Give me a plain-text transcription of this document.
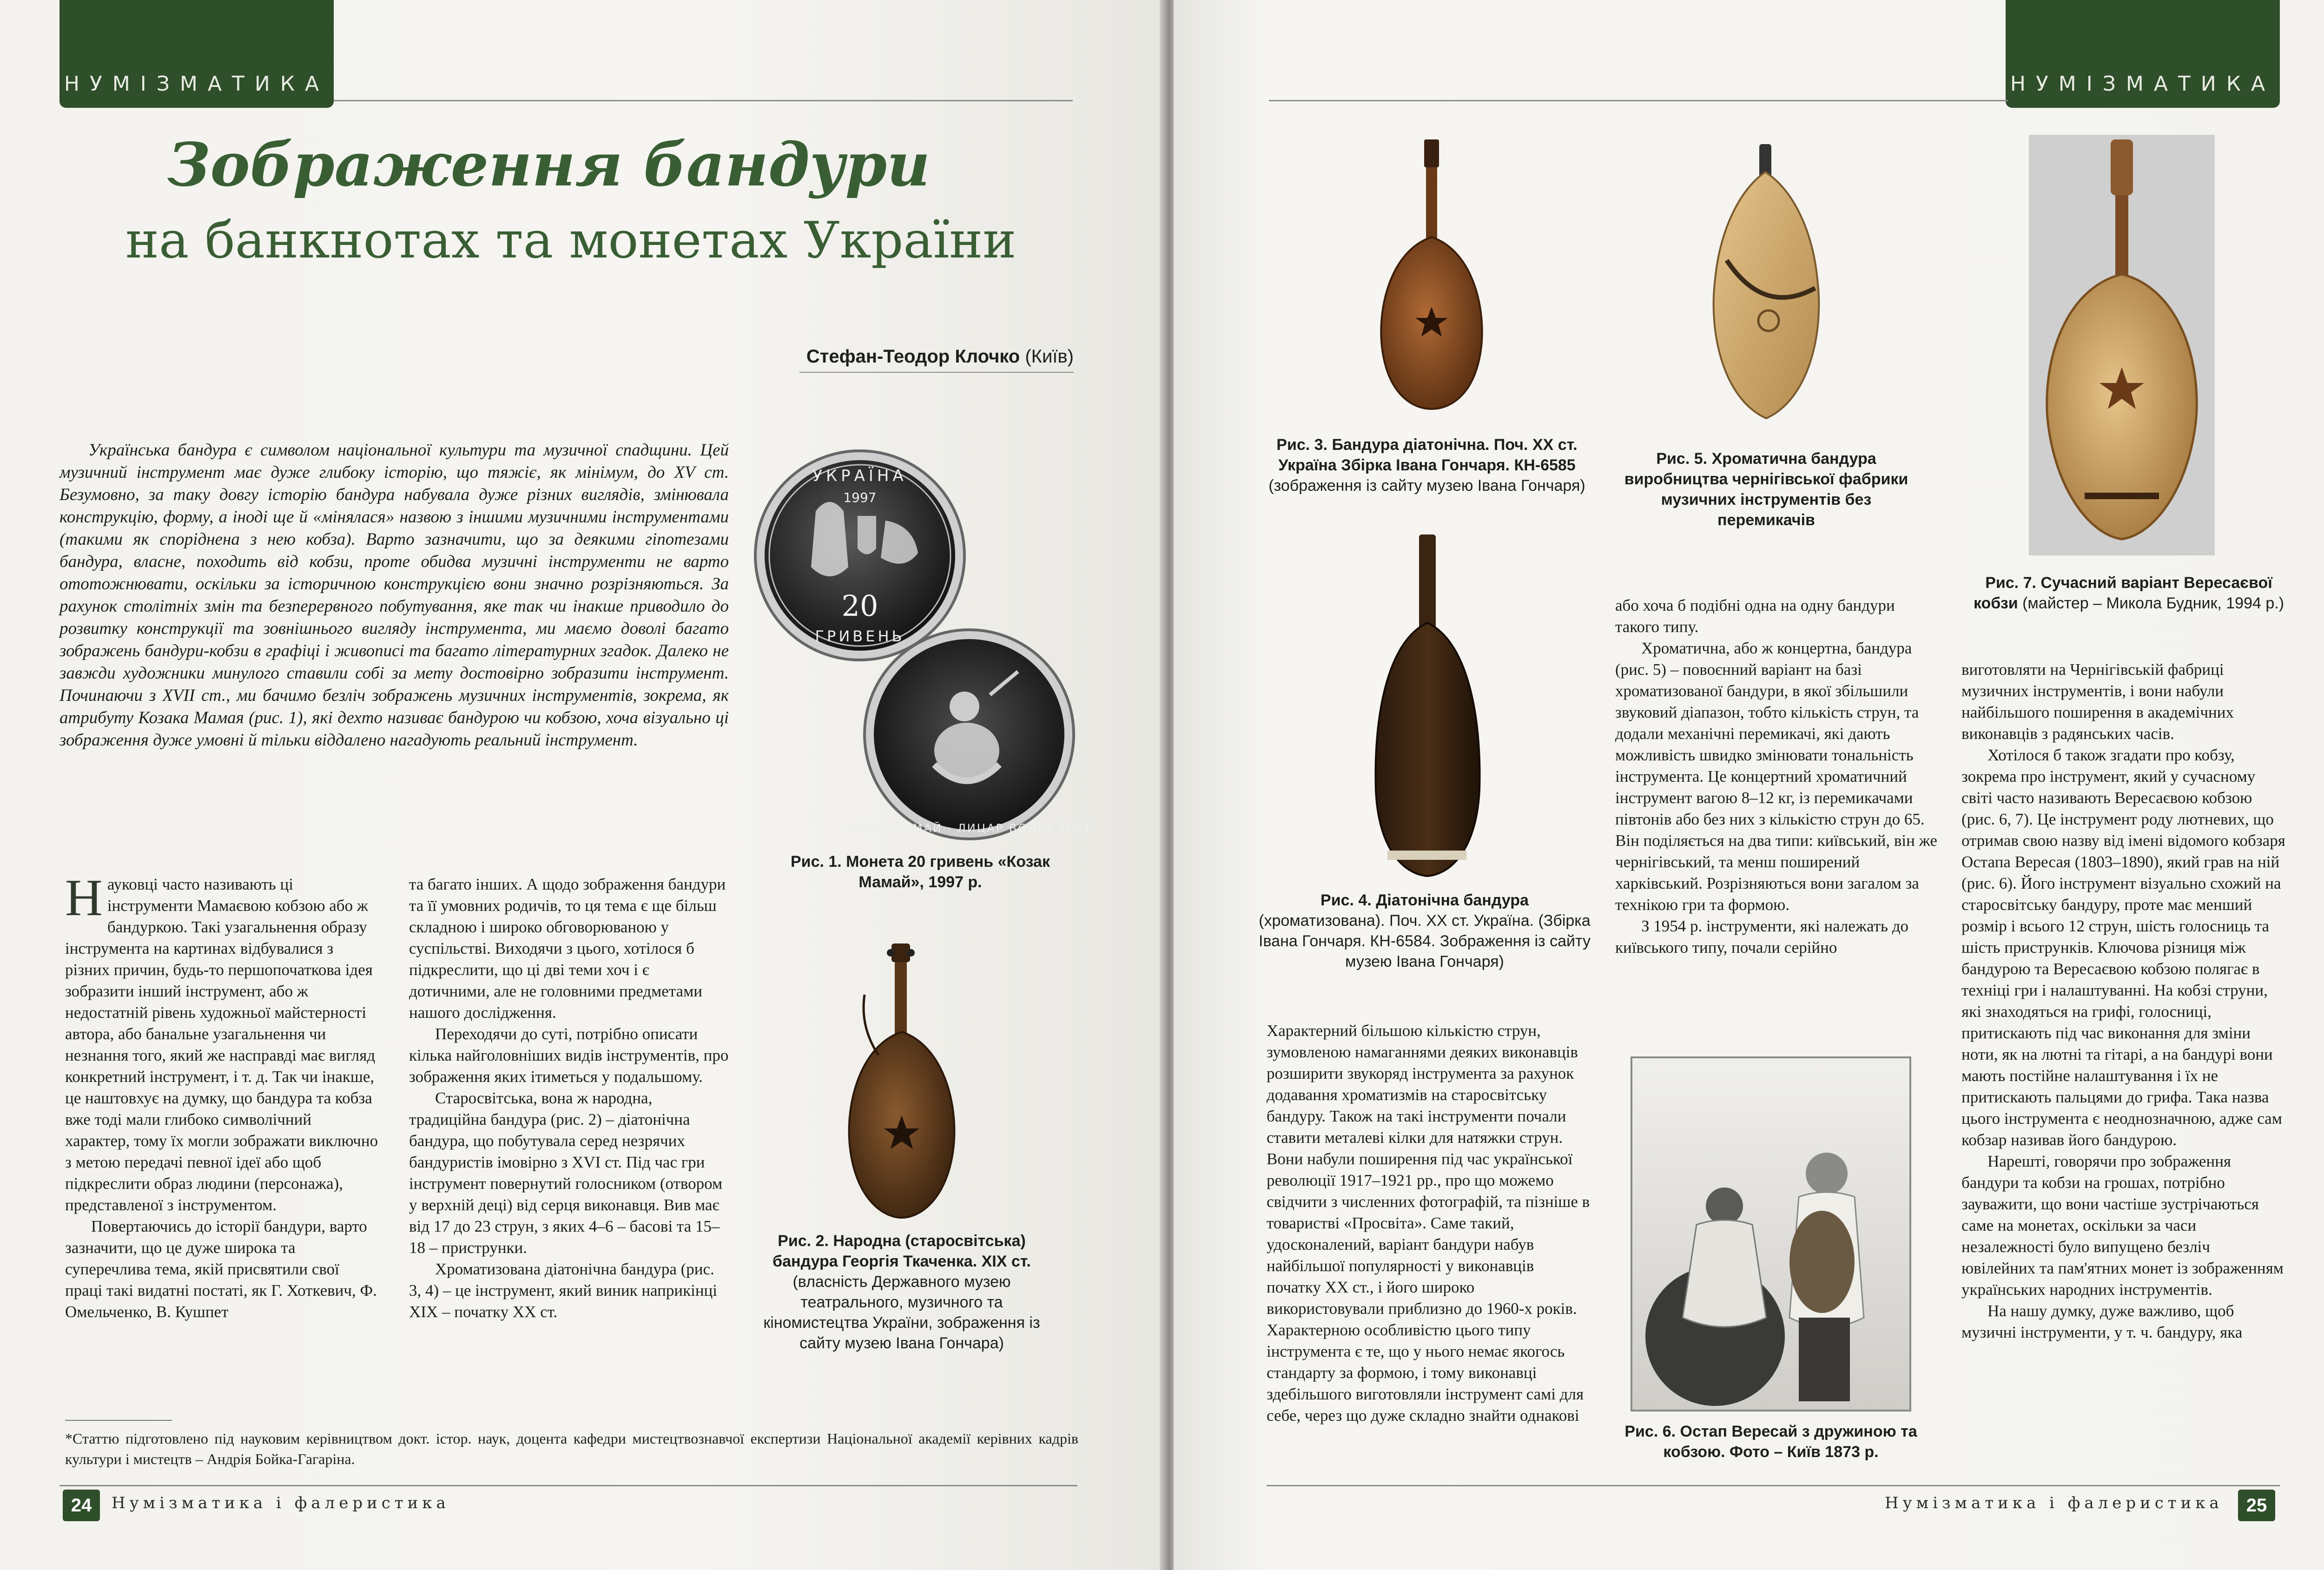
НУМІЗМАТИКА
Зображення бандури
на банкнотах та монетах України
Стефан-Теодор Клочко (Київ)
Українська бандура є символом національної культури та музичної спадщини. Цей музичний інструмент має дуже глибоку історію, що тяжіє, як мінімум, до XV ст. Безумовно, за таку довгу історію бандура набувала дуже різних виглядів, змінювала конструкцію, форму, а іноді ще й «мінялася» назвою з іншими музичними інструментами (такими як споріднена з нею кобза). Варто зазначити, що за деякими гіпотезами бандура, власне, походить від кобзи, проте обидва музичні інструменти не варто ототожнювати, оскільки за історичною конструкцією вони значно розрізняються. За рахунок столітніх змін та безперервного побутування, яке так чи інакше приводило до розвитку конструкції та зовнішнього вигляду інструмента, ми маємо доволі багато зображень бандури-кобзи в графіці і живописі та багато літературних згадок. Далеко не завжди художники минулого ставили собі за мету достовірно зобразити інструмент. Починаючи з XVII ст., ми бачимо безліч зображень музичних інструментів, зокрема, як атрибуту Козака Мамая (рис. 1), які дехто називає бандурою чи кобзою, хоча візуально ці зображення дуже умовні й тільки віддалено нагадують реальний інструмент.
УКРАЇНА
1997
20
ГРИВЕНЬ
КОЗАК МАМАЙ · ЛИЦАР ВОЛІ І ЧЕСТІ
Рис. 1. Монета 20 гривень «Козак Мамай», 1997 р.
Рис. 2. Народна (старосвітська) бандура Георгія Ткаченка. XIX ст.
(власність Державного музею театрального, музичного та кіномистецтва України, зображення із сайту музею Івана Гончара)

Науковці часто називають ці інструменти Мамаєвою кобзою або ж бандуркою. Такі узагальнення образу інструмента на картинах відбувалися з різних причин, будь-то першопочаткова ідея зобразити інший інструмент, або ж недостатній рівень художньої майстерності автора, або банальне узагальнення чи незнання того, який же насправді має вигляд конкретний інструмент, і т. д. Так чи інакше, це наштовхує на думку, що бандура та кобза вже тоді мали глибоко символічний характер, тому їх могли зображати виключно з метою передачі певної ідеї або щоб підкреслити образ людини (персонажа), представленої з інструментом.

Повертаючись до історії бандури, варто зазначити, що це дуже широка та суперечлива тема, якій присвятили свої праці такі видатні постаті, як Г. Хоткевич, Ф. Омельченко, В. Кушпет

та багато інших. А щодо зображення бандури та її умовних родичів, то ця тема є ще більш складною і широко обговорюваною у суспільстві. Виходячи з цього, хотілося б підкреслити, що ці дві теми хоч і є дотичними, але не головними предметами нашого дослідження.

Переходячи до суті, потрібно описати кілька найголовніших видів інструментів, про зображення яких ітиметься у подальшому.

Старосвітська, вона ж народна, традиційна бандура (рис. 2) – діатонічна бандура, що побутувала серед незрячих бандуристів імовірно з XVI ст. Під час гри інструмент повернутий голосником (отвором у верхній деці) від серця виконавця. Вив має від 17 до 23 струн, з яких 4–6 – басові та 15–18 – приструнки.

Хроматизована діатонічна бандура (рис. 3, 4) – це інструмент, який виник наприкінці XIX – початку XX ст.

*Статтю підготовлено під науковим керівництвом докт. істор. наук, доцента кафедри мистецтвознавчої експертизи Національної академії керівних кадрів культури і мистецтв – Андрія Бойка-Гагаріна.
24	Нумізматика і фалеристика
НУМІЗМАТИКА
Рис. 3. Бандура діатонічна. Поч. XX ст. Україна Збірка Івана Гончаря. КН-6585
(зображення із сайту музею Івана Гончаря)
Рис. 5. Хроматична бандура виробництва чернігівської фабрики музичних інструментів без перемикачів
Рис. 7. Сучасний варіант Вересаєвої кобзи (майстер – Микола Будник, 1994 р.)
Рис. 4. Діатонічна бандура
(хроматизована). Поч. XX ст. Україна. (Збірка Івана Гончаря. КН-6584. Зображення із сайту музею Івана Гончаря)
Рис. 6. Остап Вересай з дружиною та кобзою. Фото – Київ 1873 р.

або хоча б подібні одна на одну бандури такого типу.

Хроматична, або ж концертна, бандура (рис. 5) – повоєнний варіант на базі хроматизованої бандури, в якої збільшили звуковий діапазон, тобто кількість струн, та додали механічні перемикачі, які дають можливість швидко змінювати тональність інструмента. Це концертний хроматичний інструмент вагою 8–12 кг, із перемикачами півтонів або без них з кількістю струн до 65. Він поділяється на два типи: київський, він же чернігівський, та менш поширений харківський. Розрізняються вони загалом за технікою гри та формою.

З 1954 р. інструменти, які належать до київського типу, почали серійно

Характерний більшою кількістю струн, зумовленою намаганнями деяких виконавців розширити звукоряд інструмента за рахунок додавання хроматизмів на старосвітську бандуру. Також на такі інструменти почали ставити металеві кілки для натяжки струн. Вони набули поширення під час української революції 1917–1921 рр., про що можемо свідчити з численних фотографій, та пізніше в товаристві «Просвіта». Саме такий, удосконалений, варіант бандури набув найбільшої популярності у виконавців початку XX ст., і його широко використовували приблизно до 1960-х років. Характерною особливістю цього типу інструмента є те, що у нього немає якогось стандарту за формою, і тому виконавці здебільшого виготовляли інструмент самі для себе, через що дуже складно знайти однакові

виготовляти на Чернігівській фабриці музичних інструментів, і вони набули найбільшого поширення в академічних виконавців з радянських часів.

Хотілося б також згадати про кобзу, зокрема про інструмент, який у сучасному світі часто називають Вересаєвою кобзою (рис. 6, 7). Це інструмент роду лютневих, що отримав свою назву від імені відомого кобзаря Остапа Вересая (1803–1890), який грав на ній (рис. 6). Його інструмент візуально схожий на старосвітську бандуру, проте має менший розмір і всього 12 струн, шість голосниць та шість приструнків. Ключова різниця між бандурою та Вересаєвою кобзою полягає в техніці гри і налаштуванні. На кобзі струни, які знаходяться на грифі, голосниці, притискають під час виконання для зміни ноти, як на лютні та гітарі, а на бандурі вони мають постійне налаштування і їх не притискають пальцями до грифа. Така назва цього інструмента є неоднозначною, адже сам кобзар називав його бандурою.

Нарешті, говорячи про зображення бандури та кобзи на грошах, потрібно зауважити, що вони частіше зустрічаються саме на монетах, оскільки за часи незалежності було випущено безліч ювілейних та пам'ятних монет із зображенням українських народних інструментів.

На нашу думку, дуже важливо, щоб музичні інструменти, у т. ч. бандуру, яка

Нумізматика і фалеристика	25
